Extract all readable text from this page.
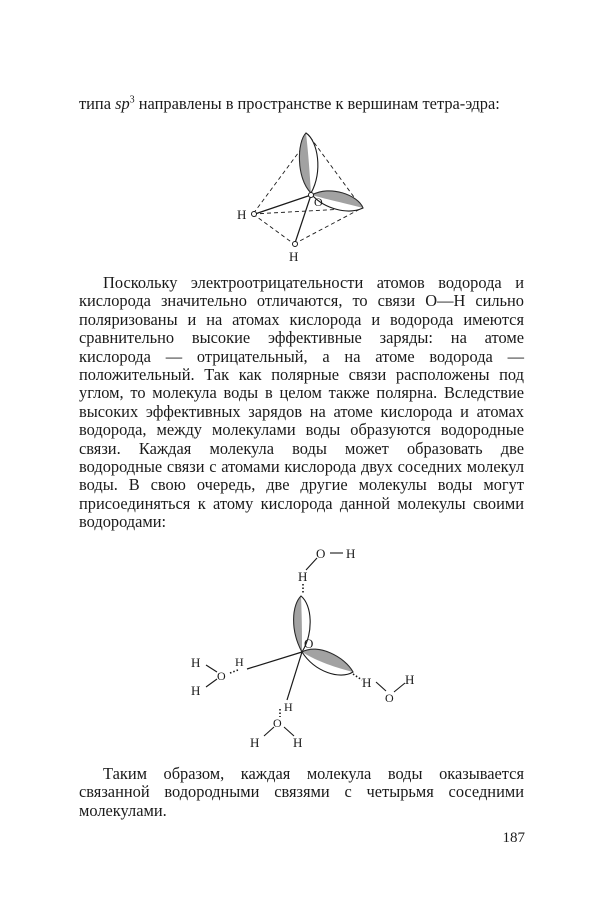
типа $sp^3$ направлены в пространстве к вершинам тетра-эдра:

O
H
H

Поскольку электроотрицательности атомов водорода и кислорода значительно отличаются, то связи О—Н сильно поляризованы и на атомах кислорода и водорода имеются сравнительно высокие эффективные заряды: на атоме кислорода — отрицательный, а на атоме водорода — положительный. Так как полярные связи расположены под углом, то молекула воды в целом также полярна. Вследствие высоких эффективных зарядов на атоме кислорода и атомах водорода, между молекулами воды образуются водородные связи. Каждая молекула воды может образовать две водородные связи с атомами кислорода двух соседних молекул воды. В свою очередь, две другие молекулы воды могут присоединяться к атому кислорода данной молекулы своими водородами:

O H
H
O
H
O
H
H
H
O
H
H
O
H	H

Таким образом, каждая молекула воды оказывается связанной водородными связями с четырьмя соседними молекулами.

187
